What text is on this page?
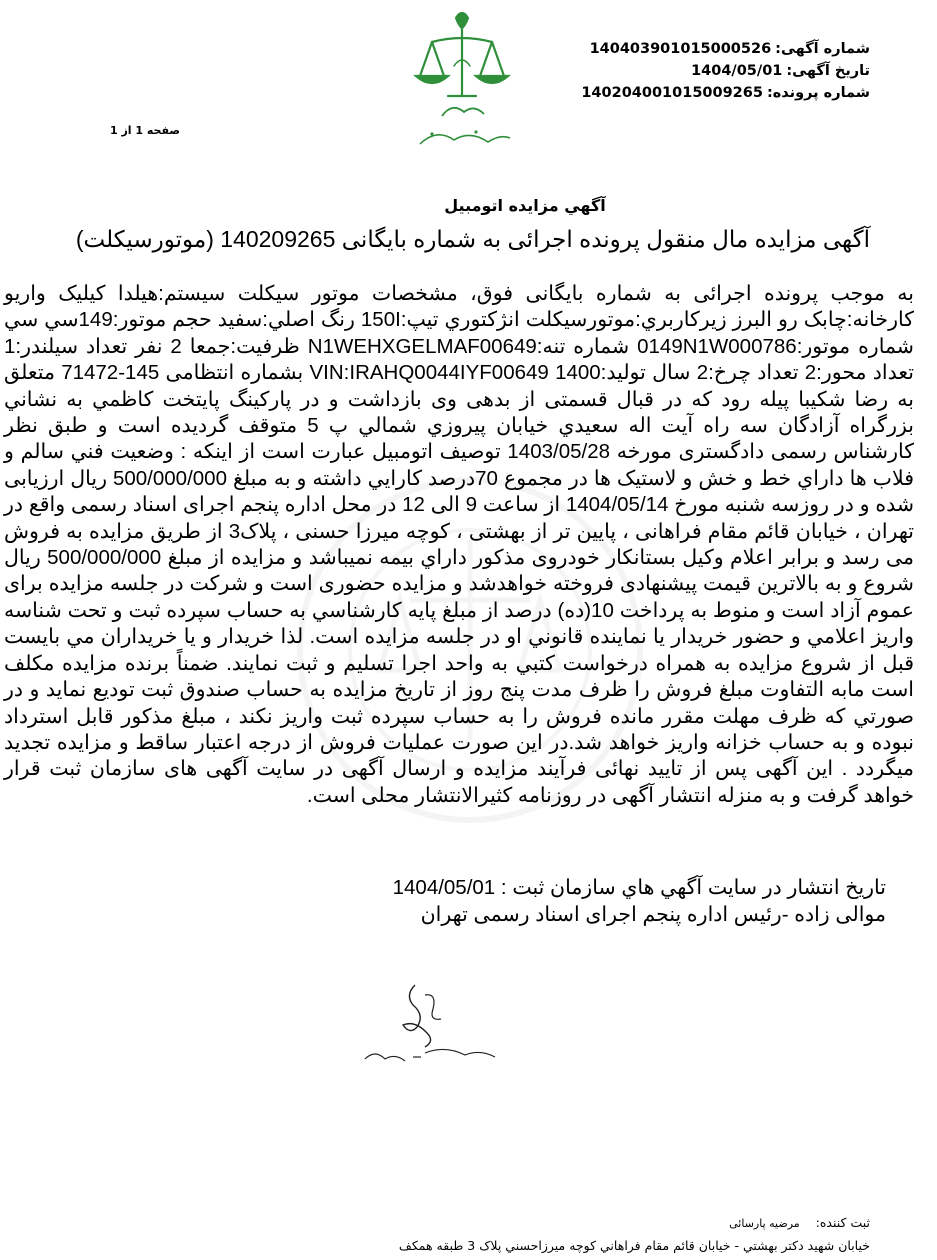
شماره آگهی:14040390101500052​6
تاریخ آگهی:1404/05/01
شماره پرونده:140204001015009265
صفحه 1 از 1
آگهي مزايده اتومبيل
آگهی مزایده مال منقول پرونده اجرائی به شماره بایگانی 140209265 (موتورسیکلت)

به موجب پرونده اجرائی به شماره بایگانی فوق، مشخصات موتور سیکلت سیستم:هیلدا کیلیک واریو کارخانه:چابک رو البرز زیرکاربري:موتورسیکلت انژکتوري تيپ:150I رنگ اصلي:سفيد حجم موتور:149سي سي شماره موتور:0149N1W000786 شماره تنه:N1WEHXGELMAF00649 ظرفيت:جمعا 2 نفر تعداد سيلندر:1 تعداد محور:2 تعداد چرخ:2 سال توليد:1400 VIN:IRAHQ0044IYF00649 بشماره انتظامی 145-71472 متعلق به رضا شکیبا پیله رود که در قبال قسمتی از بدهی وی بازداشت و در پارکينگ پايتخت کاظمي به نشاني بزرگراه آزادگان سه راه آيت اله سعيدي خيابان پيروزي شمالي پ 5 متوقف گردیده است و طبق نظر کارشناس رسمی دادگستری مورخه 1403/05/28 توصيف اتومبيل عبارت است از اينکه : وضعيت فني سالم و فلاب ها داراي خط و خش و لاستيک ها در مجموع 70درصد کارايي داشته و به مبلغ 500/000/000 ريال ارزيابی شده و در روزسه شنبه مورخ 1404/05/14 از ساعت 9 الی 12 در محل اداره پنجم اجرای اسناد رسمی واقع در تهران ، خیابان قائم مقام فراهانی ، پایین تر از بهشتی ، کوچه میرزا حسنی ، پلاک3 از طریق مزایده به فروش می رسد و برابر اعلام وکيل بستانکار خودروی مذکور داراي بيمه نمیباشد و مزایده از مبلغ 500/000/000 ريال شروع و به بالاترين قيمت پيشنهادی فروخته خواهدشد و مزايده حضوری است و شرکت در جلسه مزایده برای عموم آزاد است و منوط به پرداخت 10(ده) درصد از مبلغ پایه کارشناسي به حساب سپرده ثبت و تحت شناسه واريز اعلامي و حضور خريدار يا نماينده قانوني او در جلسه مزايده است. لذا خريدار و يا خريداران مي بايست قبل از شروع مزايده به همراه درخواست کتبي به واحد اجرا تسليم و ثبت نمايند. ضمناً برنده مزایده مکلف است مابه التفاوت مبلغ فروش را ظرف مدت پنج روز از تاریخ مزایده به حساب صندوق ثبت توديع نمايد و در صورتي که ظرف مهلت مقرر مانده فروش را به حساب سپرده ثبت واريز نکند ، مبلغ مذکور قابل استرداد نبوده و به حساب خزانه واريز خواهد شد.در اين صورت عمليات فروش از درجه اعتبار ساقط و مزايده تجديد ميگردد . این آگهی پس از تایید نهائی فرآیند مزایده و ارسال آگهی در سایت آگهی های سازمان ثبت قرار خواهد گرفت و به منزله انتشار آگهی در روزنامه کثیرالانتشار محلی است.

تاريخ انتشار در سایت آگهي هاي سازمان ثبت : 1404/05/01
موالی زاده -رئیس اداره پنجم اجرای اسناد رسمی تهران
ثبت کننده:مرضیه پارسائی
خیابان شهید دکتر بهشتي - خیابان قائم مقام فراهاني کوچه میرزاحسني پلاک 3 طبقه همکف
